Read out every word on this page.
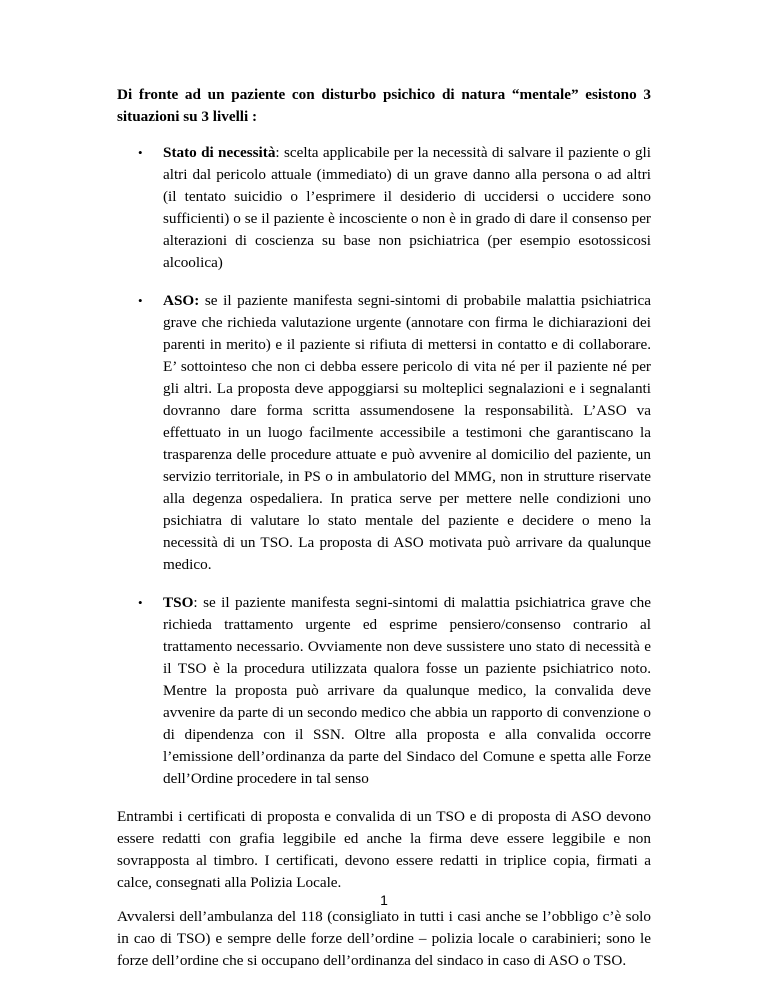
Di fronte ad un paziente con disturbo psichico di natura “mentale” esistono 3 situazioni su 3 livelli :

• Stato di necessità: scelta applicabile per la necessità di salvare il paziente o gli altri dal pericolo attuale (immediato) di un grave danno alla persona o ad altri (il tentato suicidio o l’esprimere il desiderio di uccidersi o uccidere sono sufficienti) o se il paziente è incosciente o non è in grado di dare il consenso per alterazioni di coscienza su base non psichiatrica (per esempio esotossicosi alcoolica)
• ASO: se il paziente manifesta segni-sintomi di probabile malattia psichiatrica grave che richieda valutazione urgente (annotare con firma le dichiarazioni dei parenti in merito) e il paziente si rifiuta di mettersi in contatto e di collaborare. E’ sottointeso che non ci debba essere pericolo di vita né per il paziente né per gli altri. La proposta deve appoggiarsi su molteplici segnalazioni e i segnalanti dovranno dare forma scritta assumendosene la responsabilità. L’ASO va effettuato in un luogo facilmente accessibile a testimoni che garantiscano la trasparenza delle procedure attuate e può avvenire al domicilio del paziente, un servizio territoriale, in PS o in ambulatorio del MMG, non in strutture riservate alla degenza ospedaliera. In pratica serve per mettere nelle condizioni uno psichiatra di valutare lo stato mentale del paziente e decidere o meno la necessità di un TSO. La proposta di ASO motivata può arrivare da qualunque medico.
• TSO: se il paziente manifesta segni-sintomi di malattia psichiatrica grave che richieda trattamento urgente ed esprime pensiero/consenso contrario al trattamento necessario. Ovviamente non deve sussistere uno stato di necessità e il TSO è la procedura utilizzata qualora fosse un paziente psichiatrico noto. Mentre la proposta può arrivare da qualunque medico, la convalida deve avvenire da parte di un secondo medico che abbia un rapporto di convenzione o di dipendenza con il SSN. Oltre alla proposta e alla convalida occorre l’emissione dell’ordinanza da parte del Sindaco del Comune e spetta alle Forze dell’Ordine procedere in tal senso

Entrambi i certificati di proposta e convalida di un TSO e di proposta di ASO devono essere redatti con grafia leggibile ed anche la firma deve essere leggibile e non sovrapposta al timbro. I certificati, devono essere redatti in triplice copia, firmati a calce, consegnati alla Polizia Locale.

Avvalersi dell’ambulanza del 118 (consigliato in tutti i casi anche se l’obbligo c’è solo in cao di TSO) e sempre delle forze dell’ordine – polizia locale o carabinieri; sono le forze dell’ordine che si occupano dell’ordinanza del sindaco in caso di ASO o TSO.

1
